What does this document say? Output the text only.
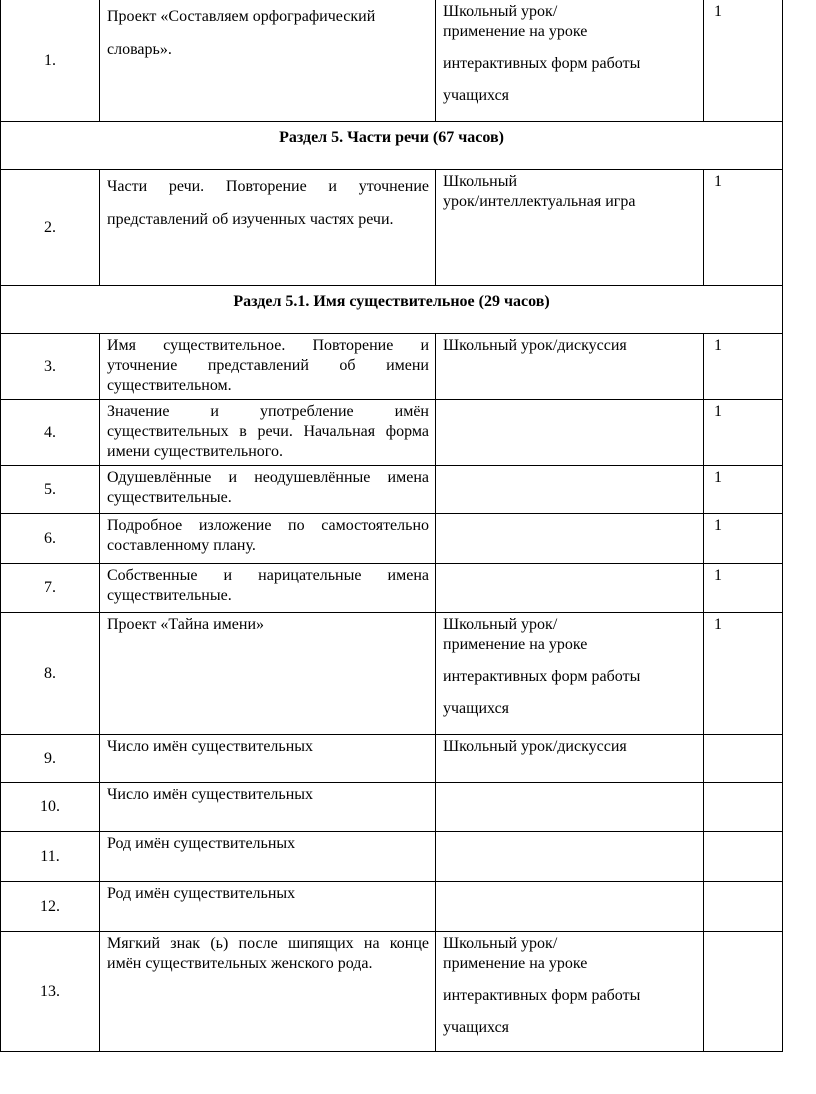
1.	Проект «Составляем орфографический словарь».	Школьный урок/
применение на уроке
интерактивных форм работы
учащихся	1
Раздел 5. Части речи (67 часов)			
2.	Части речи. Повторение и уточнение представлений об изученных частях речи.	Школьный
урок/интеллектуальная игра	1
Раздел 5.1. Имя существительное (29 часов)			
3.	Имя существительное. Повторение и уточнение представлений об имени существительном.	Школьный урок/дискуссия	1
4.	Значение и употребление имён существительных в речи. Начальная форма имени существительного.		1
5.	Одушевлённые и неодушевлённые имена существительные.		1
6.	Подробное изложение по самостоятельно составленному плану.		1
7.	Собственные и нарицательные имена существительные.		1
8.	Проект «Тайна имени»	Школьный урок/
применение на уроке
интерактивных форм работы
учащихся	1
9.	Число имён существительных	Школьный урок/дискуссия	

10.	Число имён существительных		
11.	Род имён существительных		
12.	Род имён существительных		
13.	Мягкий знак (ь) после шипящих на конце имён существительных женского рода.	Школьный урок/
применение на уроке
интерактивных форм работы
учащихся	
